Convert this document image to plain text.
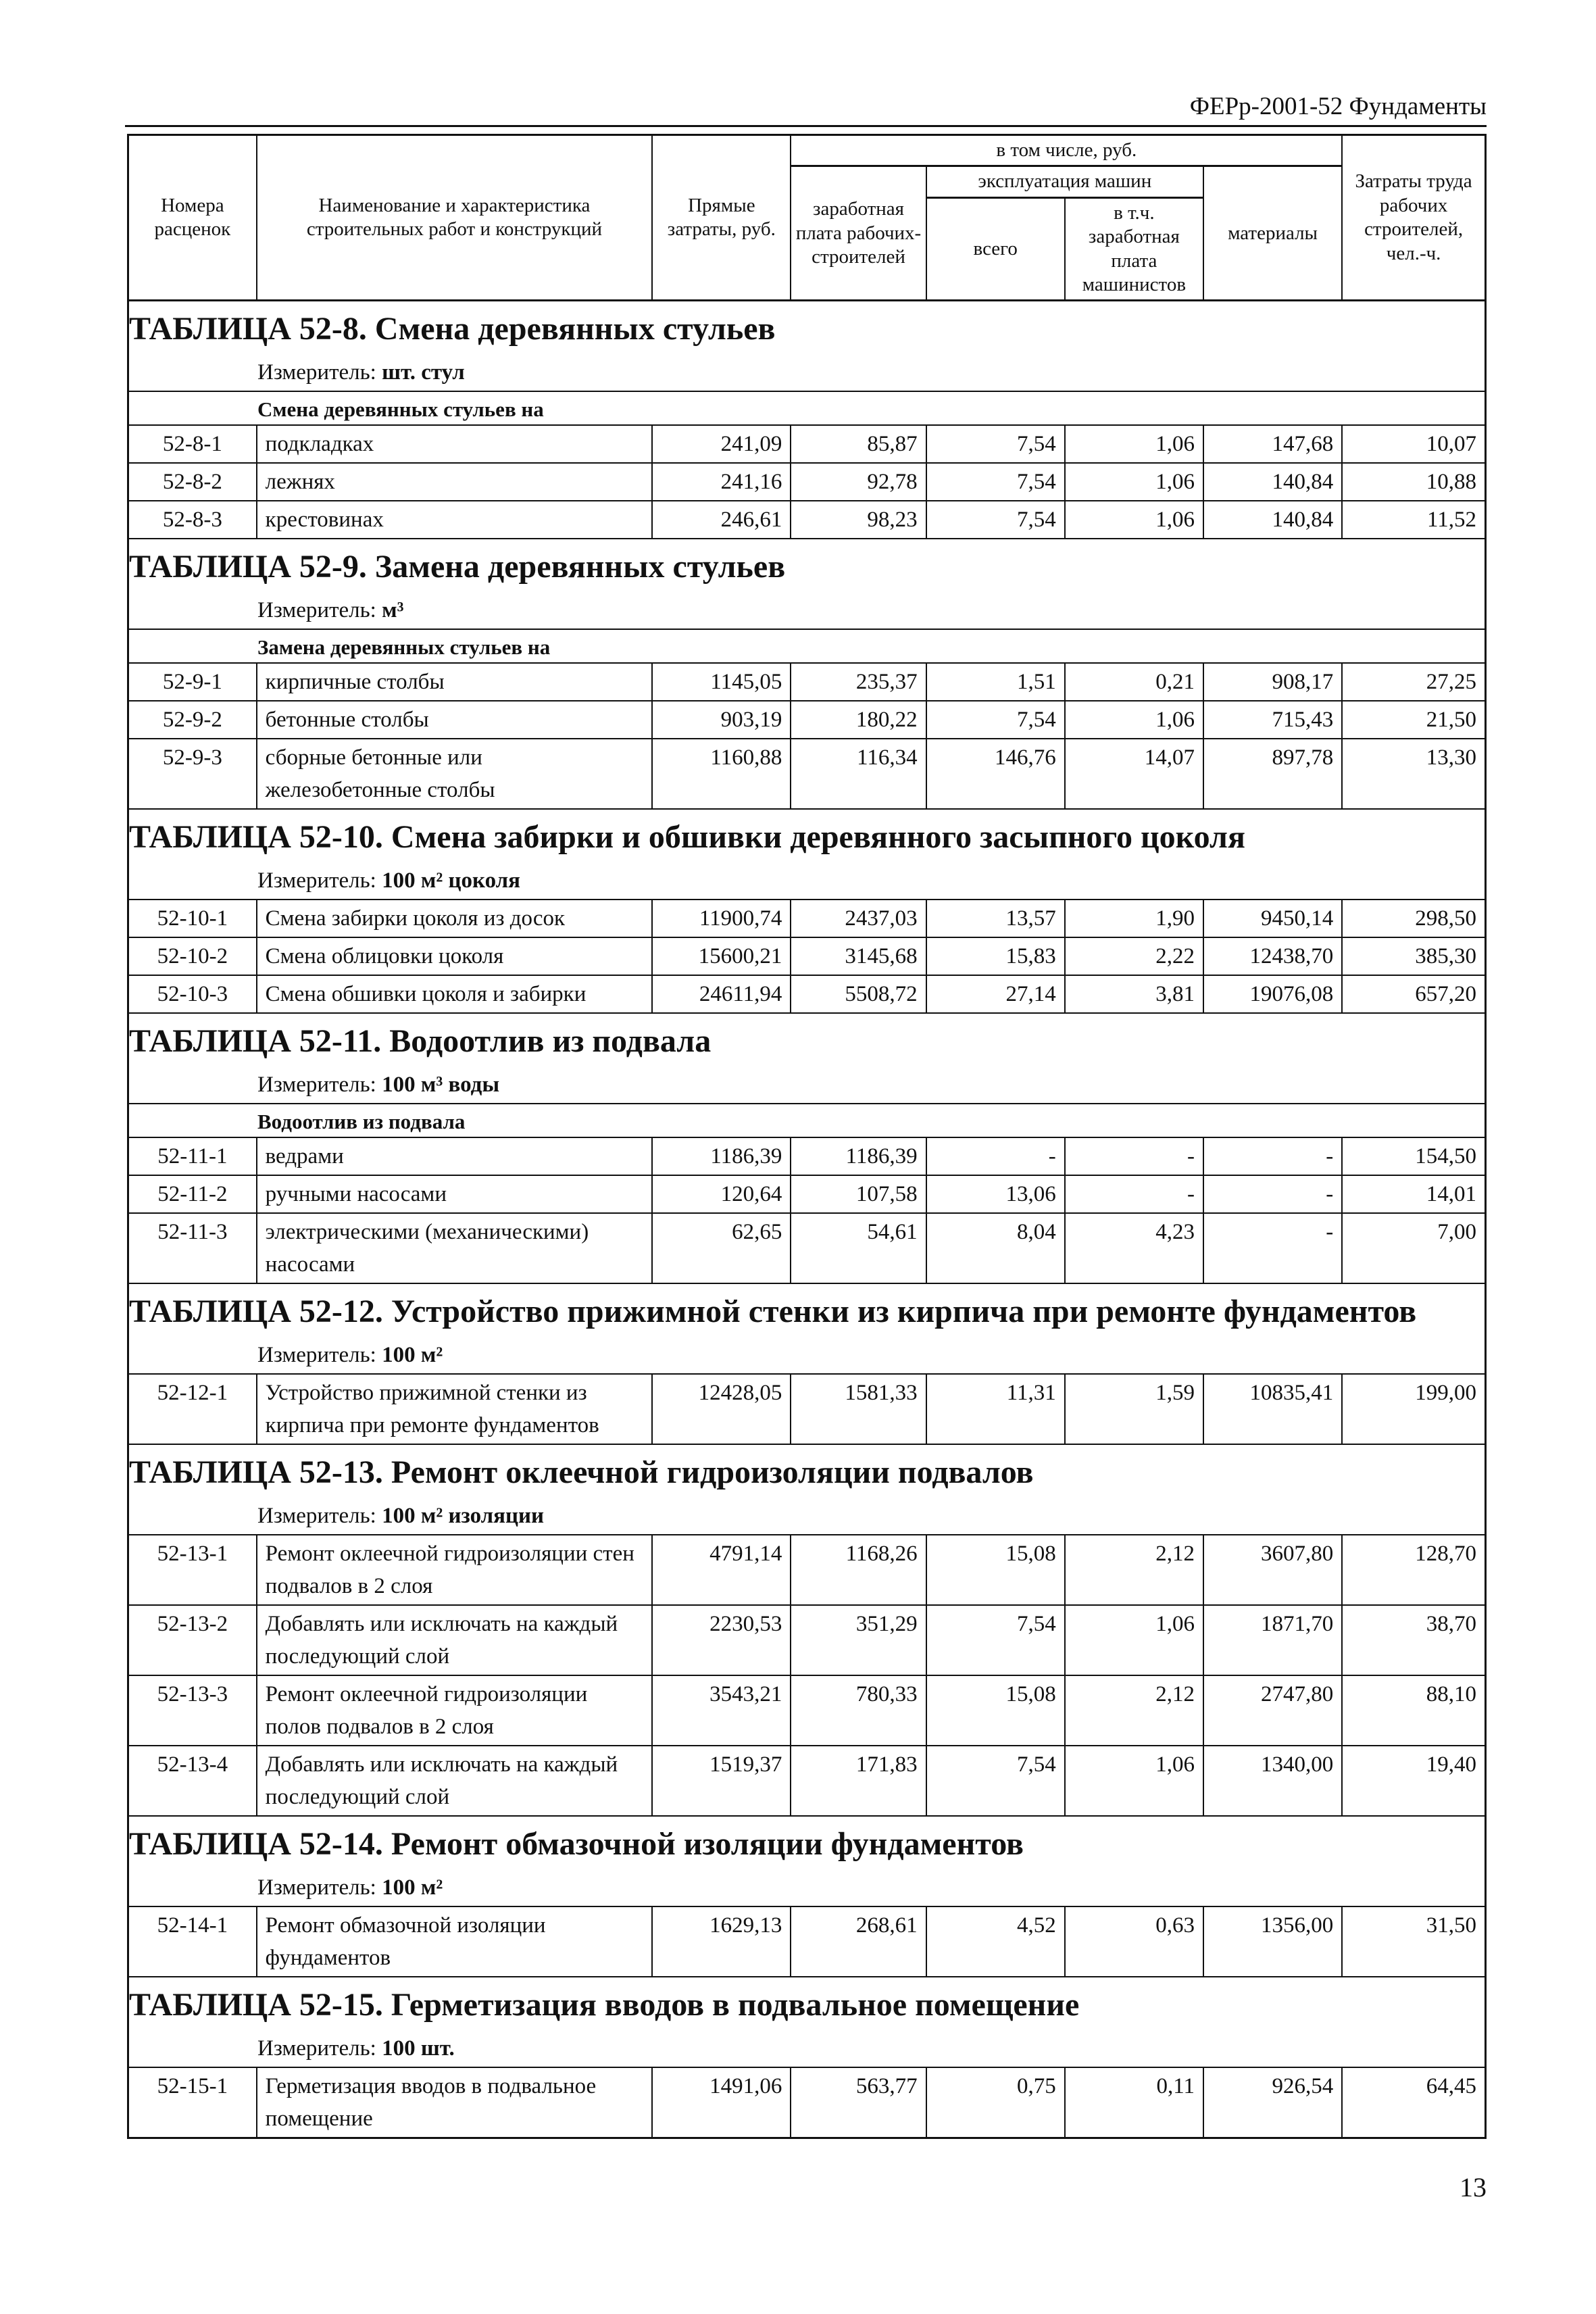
ФЕРр-2001-52 Фундаменты
Номера расценок	Наименование и характеристика строительных работ и конструкций	Прямые затраты, руб.	в том числе, руб.				Затраты труда рабочих строителей, чел.-ч.
			заработная плата рабочих-строителей	эксплуатация машин		материалы	
				всего	в т.ч. заработная плата машинистов		
ТАБЛИЦА 52-8. Смена деревянных стульев							
Измеритель: шт. стул							
Смена деревянных стульев на							
52-8-1	подкладках	241,09	85,87	7,54	1,06	147,68	10,07
52-8-2	лежнях	241,16	92,78	7,54	1,06	140,84	10,88
52-8-3	крестовинах	246,61	98,23	7,54	1,06	140,84	11,52
ТАБЛИЦА 52-9. Замена деревянных стульев							
Измеритель: м³							
Замена деревянных стульев на							
52-9-1	кирпичные столбы	1145,05	235,37	1,51	0,21	908,17	27,25
52-9-2	бетонные столбы	903,19	180,22	7,54	1,06	715,43	21,50
52-9-3	сборные бетонные или железобетонные столбы	1160,88	116,34	146,76	14,07	897,78	13,30
ТАБЛИЦА 52-10. Смена забирки и обшивки деревянного засыпного цоколя							
Измеритель: 100 м² цоколя							
52-10-1	Смена забирки цоколя из досок	11900,74	2437,03	13,57	1,90	9450,14	298,50
52-10-2	Смена облицовки цоколя	15600,21	3145,68	15,83	2,22	12438,70	385,30
52-10-3	Смена обшивки цоколя и забирки	24611,94	5508,72	27,14	3,81	19076,08	657,20
ТАБЛИЦА 52-11. Водоотлив из подвала							
Измеритель: 100 м³ воды							
Водоотлив из подвала							
52-11-1	ведрами	1186,39	1186,39	-	-	-	154,50
52-11-2	ручными насосами	120,64	107,58	13,06	-	-	14,01
52-11-3	электрическими (механическими) насосами	62,65	54,61	8,04	4,23	-	7,00
ТАБЛИЦА 52-12. Устройство прижимной стенки из кирпича при ремонте фундаментов							
Измеритель: 100 м²							
52-12-1	Устройство прижимной стенки из кирпича при ремонте фундаментов	12428,05	1581,33	11,31	1,59	10835,41	199,00
ТАБЛИЦА 52-13. Ремонт оклеечной гидроизоляции подвалов							
Измеритель: 100 м² изоляции							
52-13-1	Ремонт оклеечной гидроизоляции стен подвалов в 2 слоя	4791,14	1168,26	15,08	2,12	3607,80	128,70
52-13-2	Добавлять или исключать на каждый последующий слой	2230,53	351,29	7,54	1,06	1871,70	38,70
52-13-3	Ремонт оклеечной гидроизоляции полов подвалов в 2 слоя	3543,21	780,33	15,08	2,12	2747,80	88,10
52-13-4	Добавлять или исключать на каждый последующий слой	1519,37	171,83	7,54	1,06	1340,00	19,40
ТАБЛИЦА 52-14. Ремонт обмазочной изоляции фундаментов							
Измеритель: 100 м²							
52-14-1	Ремонт обмазочной изоляции фундаментов	1629,13	268,61	4,52	0,63	1356,00	31,50
ТАБЛИЦА 52-15. Герметизация вводов в подвальное помещение							
Измеритель: 100 шт.							
52-15-1	Герметизация вводов в подвальное помещение	1491,06	563,77	0,75	0,11	926,54	64,45
13
